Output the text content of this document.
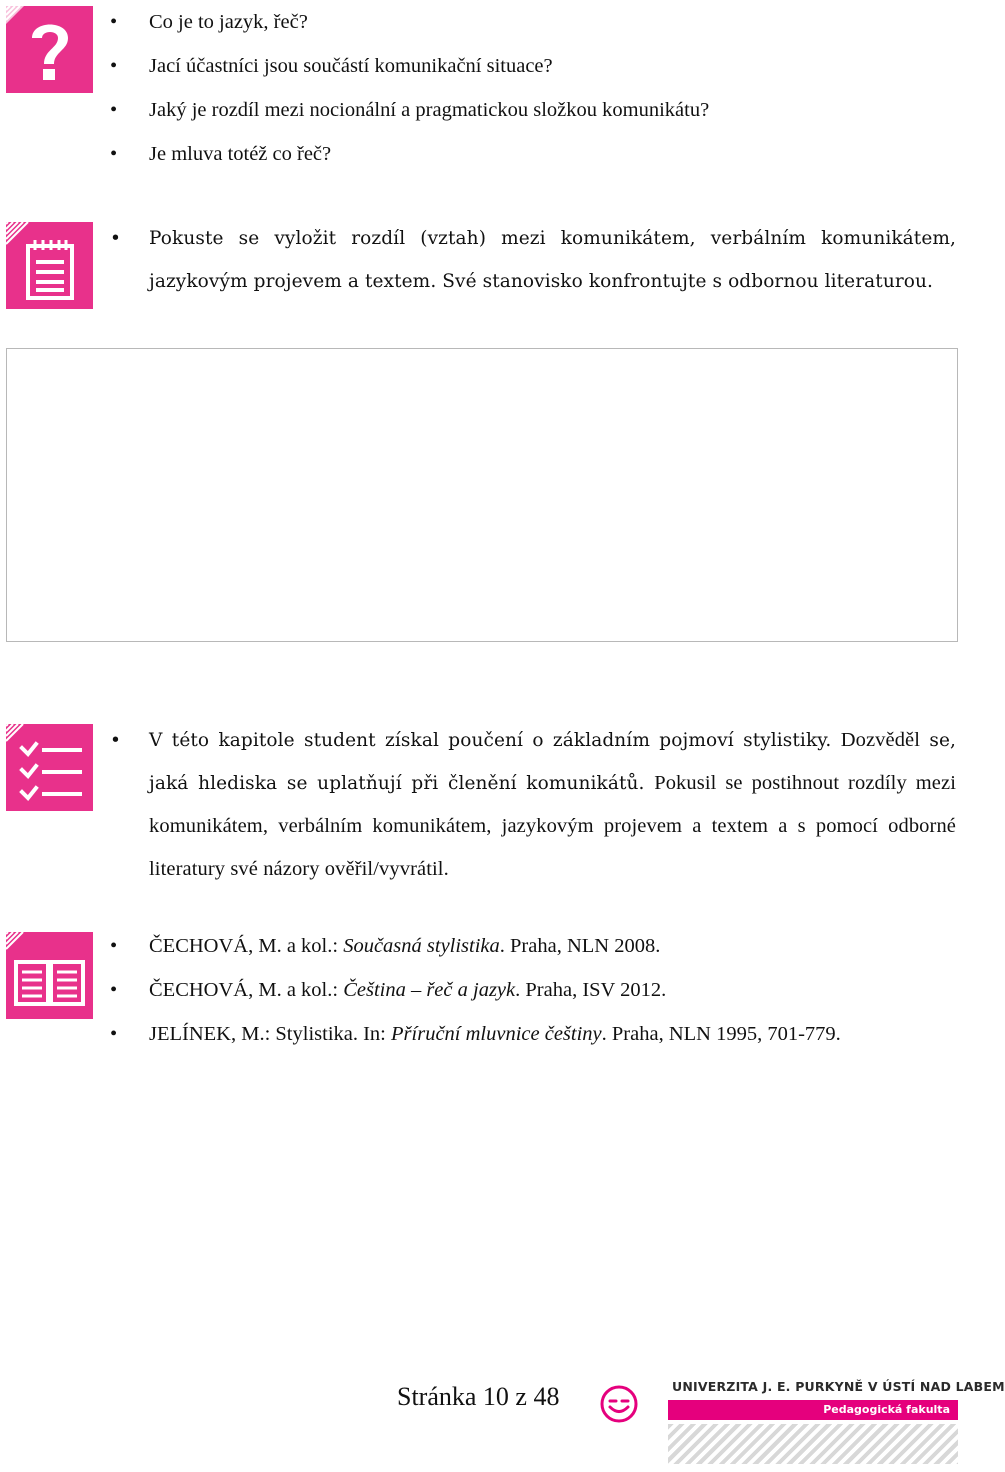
• Co je to jazyk, řeč?
• Jací účastníci jsou součástí komunikační situace?
• Jaký je rozdíl mezi nocionální a pragmatickou složkou komunikátu?
• Je mluva totéž co řeč?
• Pokuste se vyložit rozdíl (vztah) mezi komunikátem, verbálním komunikátem, jazykovým projevem a textem. Své stanovisko konfrontujte s odbornou literaturou.
• V této kapitole student získal poučení o základním pojmoví stylistiky. Dozvěděl se, jaká hlediska se uplatňují při členění komunikátů. Pokusil se postihnout rozdíly mezi komunikátem, verbálním komunikátem, jazykovým projevem a textem a s pomocí odborné literatury své názory ověřil/vyvrátil.
• ČECHOVÁ, M. a kol.: Současná stylistika. Praha, NLN 2008.
• ČECHOVÁ, M. a kol.: Čeština – řeč a jazyk. Praha, ISV 2012.
• JELÍNEK, M.: Stylistika. In: Příruční mluvnice češtiny. Praha, NLN 1995, 701-779.
Stránka 10 z 48	UNIVERZITA J. E. PURKYNĚ V ÚSTÍ NAD LABEM
Pedagogická fakulta
